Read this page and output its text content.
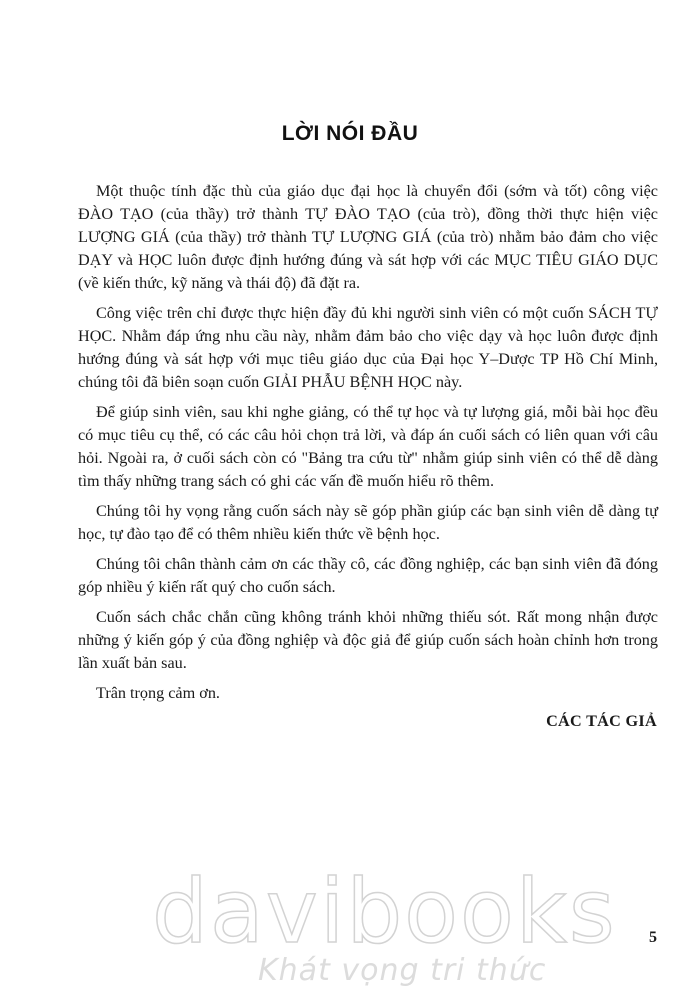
LỜI NÓI ĐẦU

Một thuộc tính đặc thù của giáo dục đại học là chuyển đổi (sớm và tốt) công việc ĐÀO TẠO (của thầy) trở thành TỰ ĐÀO TẠO (của trò), đồng thời thực hiện việc LƯỢNG GIÁ (của thầy) trở thành TỰ LƯỢNG GIÁ (của trò) nhằm bảo đảm cho việc DẠY và HỌC luôn được định hướng đúng và sát hợp với các MỤC TIÊU GIÁO DỤC (về kiến thức, kỹ năng và thái độ) đã đặt ra.

Công việc trên chỉ được thực hiện đầy đủ khi người sinh viên có một cuốn SÁCH TỰ HỌC. Nhằm đáp ứng nhu cầu này, nhằm đảm bảo cho việc dạy và học luôn được định hướng đúng và sát hợp với mục tiêu giáo dục của Đại học Y–Dược TP Hồ Chí Minh, chúng tôi đã biên soạn cuốn GIẢI PHẪU BỆNH HỌC này.

Để giúp sinh viên, sau khi nghe giảng, có thể tự học và tự lượng giá, mỗi bài học đều có mục tiêu cụ thể, có các câu hỏi chọn trả lời, và đáp án cuối sách có liên quan với câu hỏi. Ngoài ra, ở cuối sách còn có "Bảng tra cứu từ" nhằm giúp sinh viên có thể dễ dàng tìm thấy những trang sách có ghi các vấn đề muốn hiểu rõ thêm.

Chúng tôi hy vọng rằng cuốn sách này sẽ góp phần giúp các bạn sinh viên dễ dàng tự học, tự đào tạo để có thêm nhiều kiến thức về bệnh học.

Chúng tôi chân thành cảm ơn các thầy cô, các đồng nghiệp, các bạn sinh viên đã đóng góp nhiều ý kiến rất quý cho cuốn sách.

Cuốn sách chắc chắn cũng không tránh khỏi những thiếu sót. Rất mong nhận được những ý kiến góp ý của đồng nghiệp và độc giả để giúp cuốn sách hoàn chỉnh hơn trong lần xuất bản sau.

Trân trọng cảm ơn.

CÁC TÁC GIẢ
davibooks
Khát vọng tri thức
5
